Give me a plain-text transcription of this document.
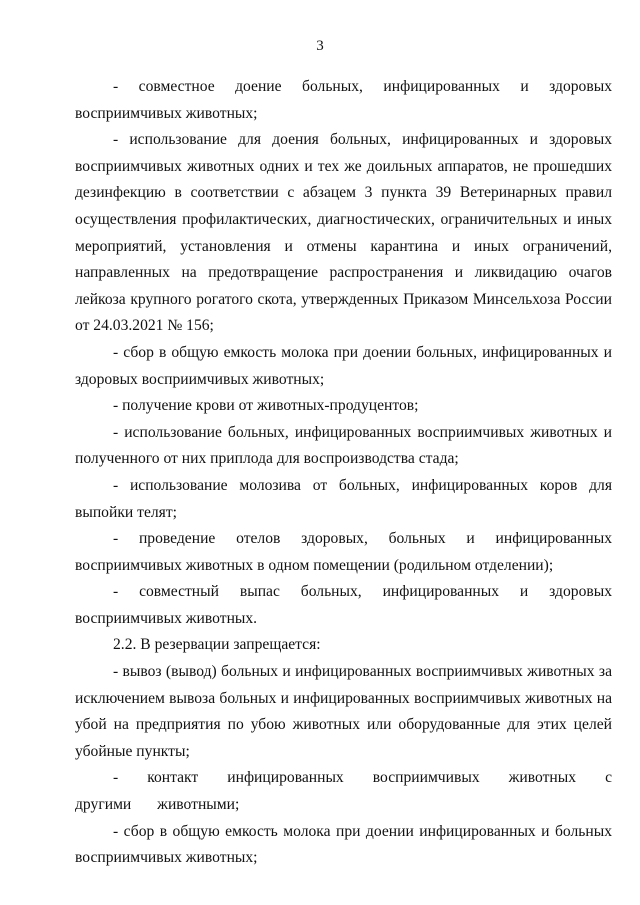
3

- совместное доение больных, инфицированных и здоровых восприимчивых животных;

- использование для доения больных, инфицированных и здоровых восприимчивых животных одних и тех же доильных аппаратов, не прошедших дезинфекцию в соответствии с абзацем 3 пункта 39 Ветеринарных правил осуществления профилактических, диагностических, ограничительных и иных мероприятий, установления и отмены карантина и иных ограничений, направленных на предотвращение распространения и ликвидацию очагов лейкоза крупного рогатого скота, утвержденных Приказом Минсельхоза России от 24.03.2021 № 156;

- сбор в общую емкость молока при доении больных, инфицированных и здоровых восприимчивых животных;

- получение крови от животных-продуцентов;

- использование больных, инфицированных восприимчивых животных и полученного от них приплода для воспроизводства стада;

- использование молозива от больных, инфицированных коров для выпойки телят;

- проведение отелов здоровых, больных и инфицированных восприимчивых животных в одном помещении (родильном отделении);

- совместный выпас больных, инфицированных и здоровых восприимчивых животных.

2.2. В резервации запрещается:

- вывоз (вывод) больных и инфицированных восприимчивых животных за исключением вывоза больных и инфицированных восприимчивых животных на убой на предприятия по убою животных или оборудованные для этих целей убойные пункты;

- контакт инфицированных восприимчивых животных с другими животными;

- сбор в общую емкость молока при доении инфицированных и больных восприимчивых животных;
